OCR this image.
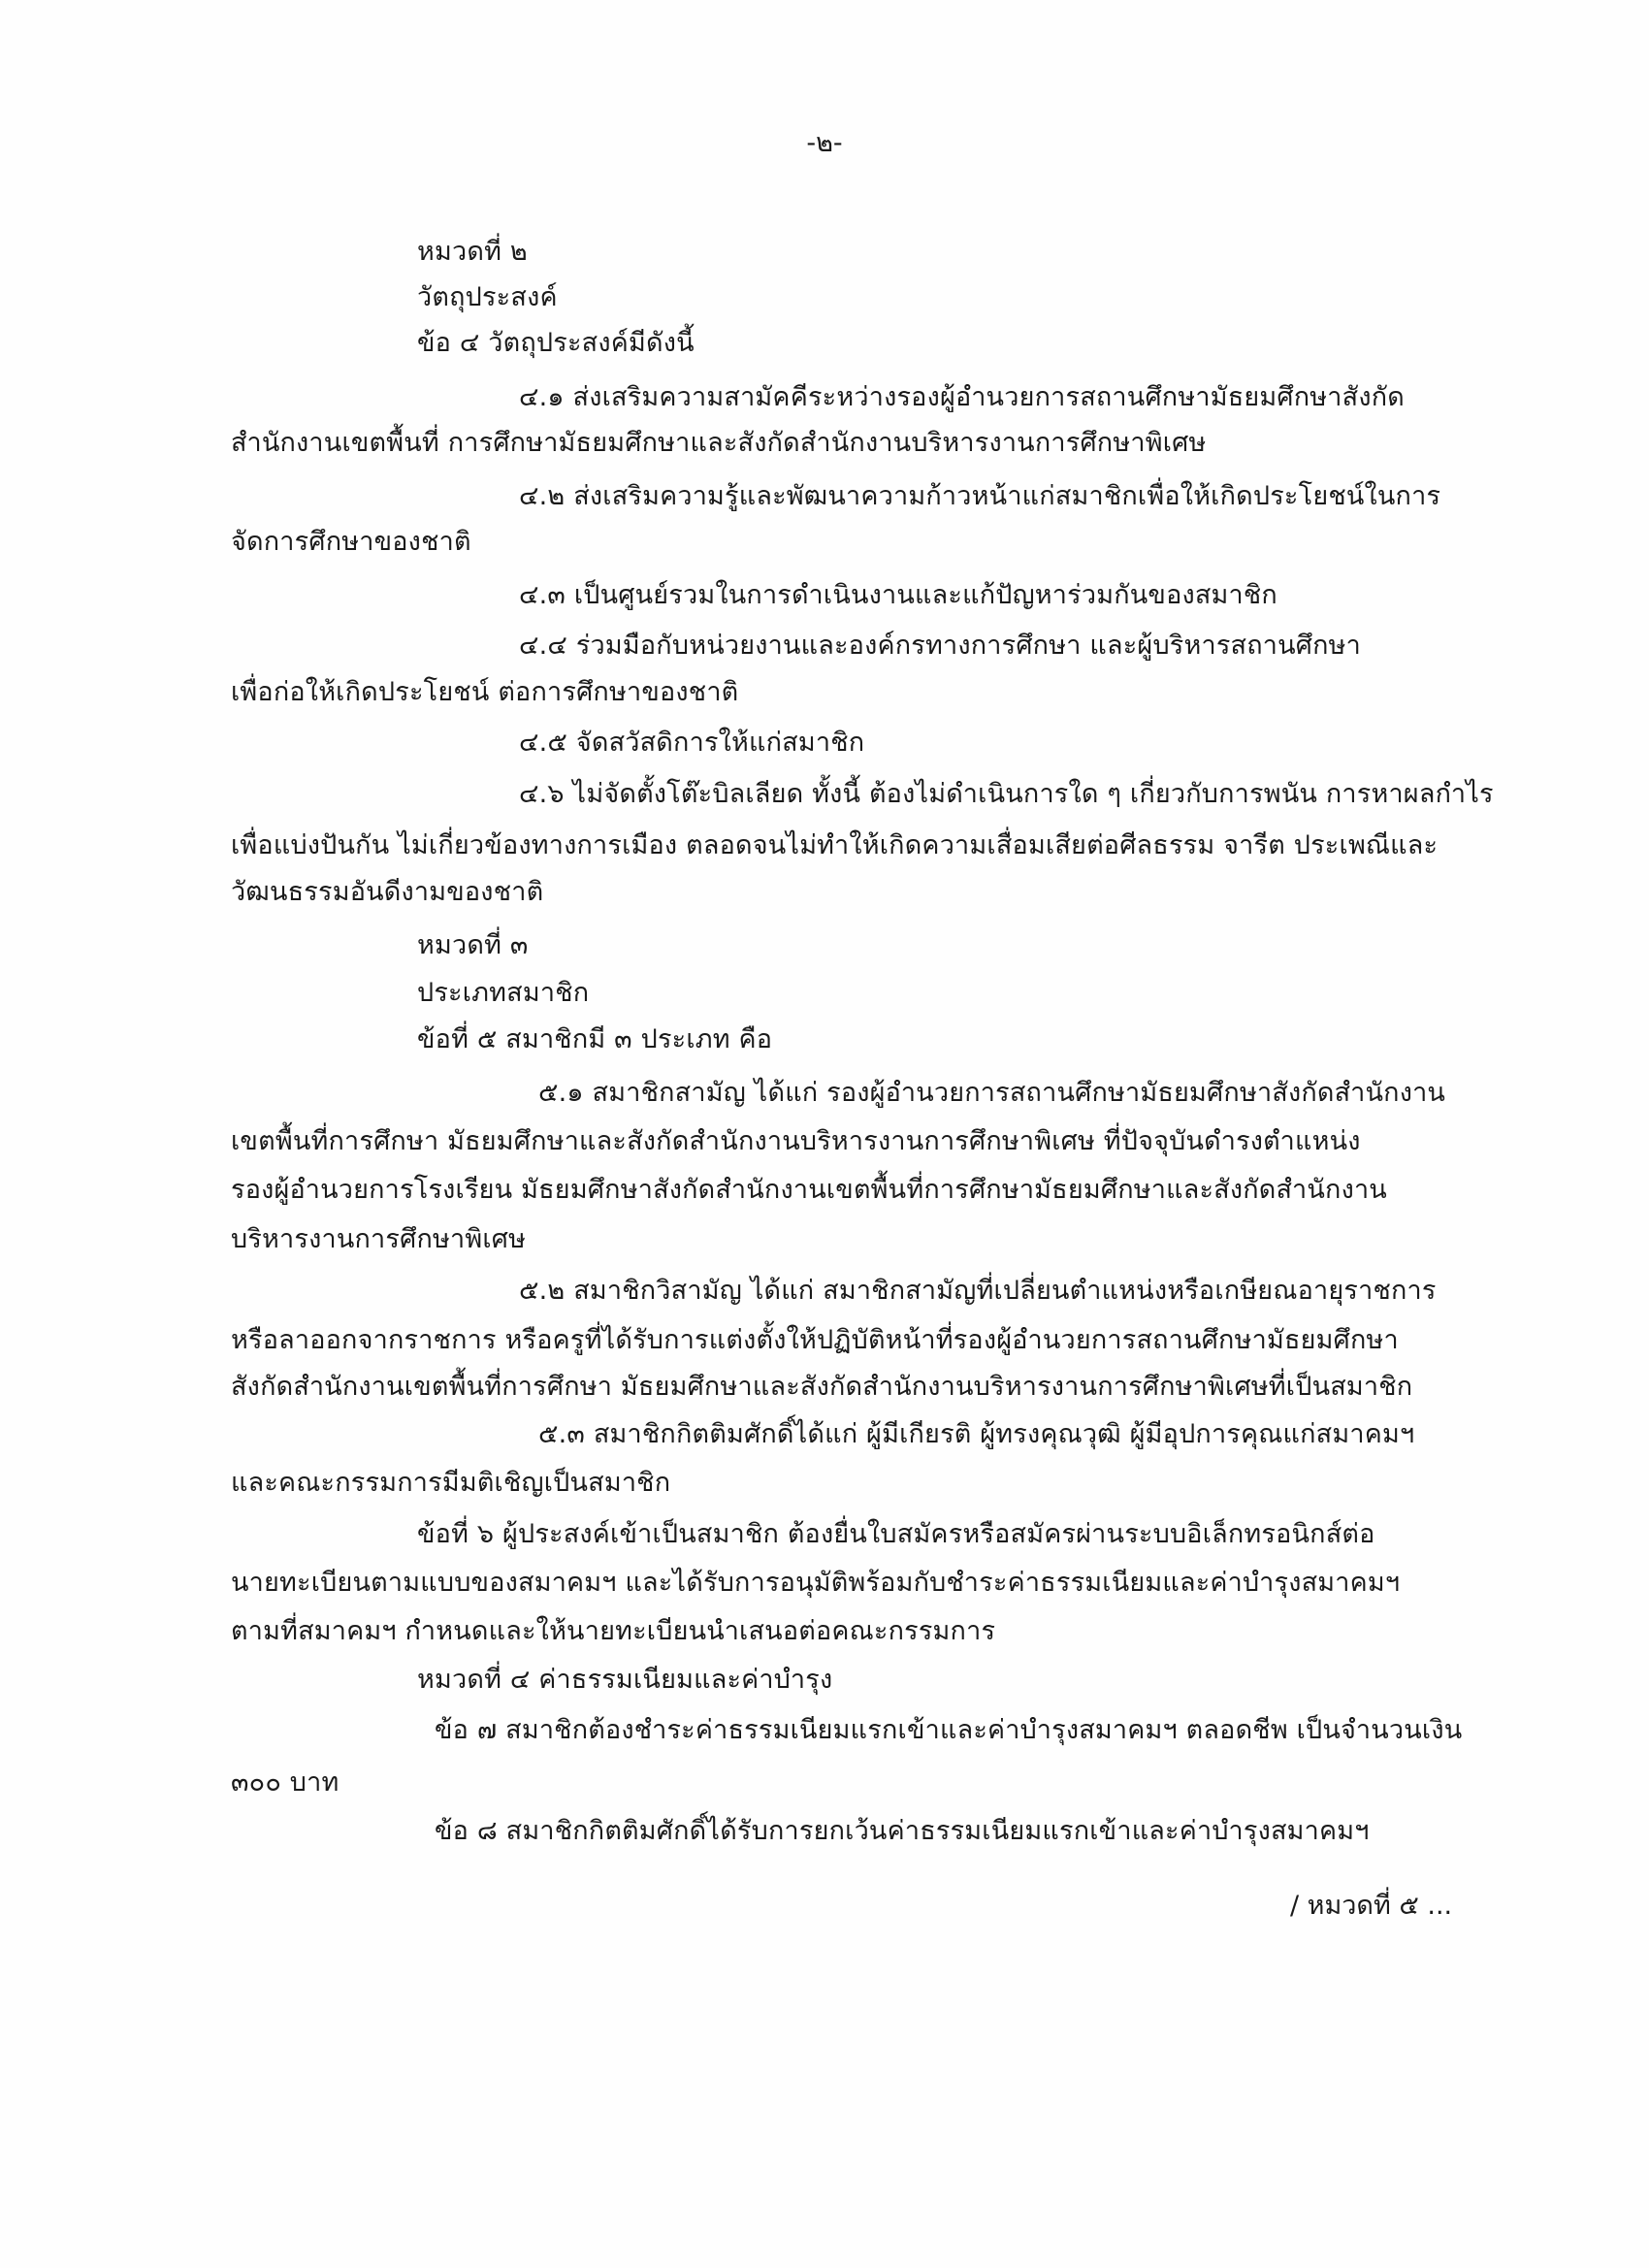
-๒-
หมวดที่ ๒
วัตถุประสงค์
ข้อ ๔ วัตถุประสงค์มีดังนี้
๔.๑ ส่งเสริมความสามัคคีระหว่างรองผู้อำนวยการสถานศึกษามัธยมศึกษาสังกัด
สำนักงานเขตพื้นที่ การศึกษามัธยมศึกษาและสังกัดสำนักงานบริหารงานการศึกษาพิเศษ
๔.๒ ส่งเสริมความรู้และพัฒนาความก้าวหน้าแก่สมาชิกเพื่อให้เกิดประโยชน์ในการ
จัดการศึกษาของชาติ
๔.๓ เป็นศูนย์รวมในการดำเนินงานและแก้ปัญหาร่วมกันของสมาชิก
๔.๔ ร่วมมือกับหน่วยงานและองค์กรทางการศึกษา และผู้บริหารสถานศึกษา
เพื่อก่อให้เกิดประโยชน์ ต่อการศึกษาของชาติ
๔.๕ จัดสวัสดิการให้แก่สมาชิก
๔.๖ ไม่จัดตั้งโต๊ะบิลเลียด ทั้งนี้ ต้องไม่ดำเนินการใด ๆ เกี่ยวกับการพนัน การหาผลกำไร
เพื่อแบ่งปันกัน ไม่เกี่ยวข้องทางการเมือง ตลอดจนไม่ทำให้เกิดความเสื่อมเสียต่อศีลธรรม จารีต ประเพณีและ
วัฒนธรรมอันดีงามของชาติ
หมวดที่ ๓
ประเภทสมาชิก
ข้อที่ ๕ สมาชิกมี ๓ ประเภท คือ
๕.๑ สมาชิกสามัญ ได้แก่ รองผู้อำนวยการสถานศึกษามัธยมศึกษาสังกัดสำนักงาน
เขตพื้นที่การศึกษา มัธยมศึกษาและสังกัดสำนักงานบริหารงานการศึกษาพิเศษ ที่ปัจจุบันดำรงตำแหน่ง
รองผู้อำนวยการโรงเรียน มัธยมศึกษาสังกัดสำนักงานเขตพื้นที่การศึกษามัธยมศึกษาและสังกัดสำนักงาน
บริหารงานการศึกษาพิเศษ
๕.๒ สมาชิกวิสามัญ ได้แก่ สมาชิกสามัญที่เปลี่ยนตำแหน่งหรือเกษียณอายุราชการ
หรือลาออกจากราชการ หรือครูที่ได้รับการแต่งตั้งให้ปฏิบัติหน้าที่รองผู้อำนวยการสถานศึกษามัธยมศึกษา
สังกัดสำนักงานเขตพื้นที่การศึกษา มัธยมศึกษาและสังกัดสำนักงานบริหารงานการศึกษาพิเศษที่เป็นสมาชิก
๕.๓ สมาชิกกิตติมศักดิ์ได้แก่ ผู้มีเกียรติ ผู้ทรงคุณวุฒิ ผู้มีอุปการคุณแก่สมาคมฯ
และคณะกรรมการมีมติเชิญเป็นสมาชิก
ข้อที่ ๖ ผู้ประสงค์เข้าเป็นสมาชิก ต้องยื่นใบสมัครหรือสมัครผ่านระบบอิเล็กทรอนิกส์ต่อ
นายทะเบียนตามแบบของสมาคมฯ และได้รับการอนุมัติพร้อมกับชำระค่าธรรมเนียมและค่าบำรุงสมาคมฯ
ตามที่สมาคมฯ กำหนดและให้นายทะเบียนนำเสนอต่อคณะกรรมการ
หมวดที่ ๔ ค่าธรรมเนียมและค่าบำรุง
ข้อ ๗ สมาชิกต้องชำระค่าธรรมเนียมแรกเข้าและค่าบำรุงสมาคมฯ ตลอดชีพ เป็นจำนวนเงิน
๓๐๐ บาท
ข้อ ๘ สมาชิกกิตติมศักดิ์ได้รับการยกเว้นค่าธรรมเนียมแรกเข้าและค่าบำรุงสมาคมฯ
/ หมวดที่ ๕ ...
